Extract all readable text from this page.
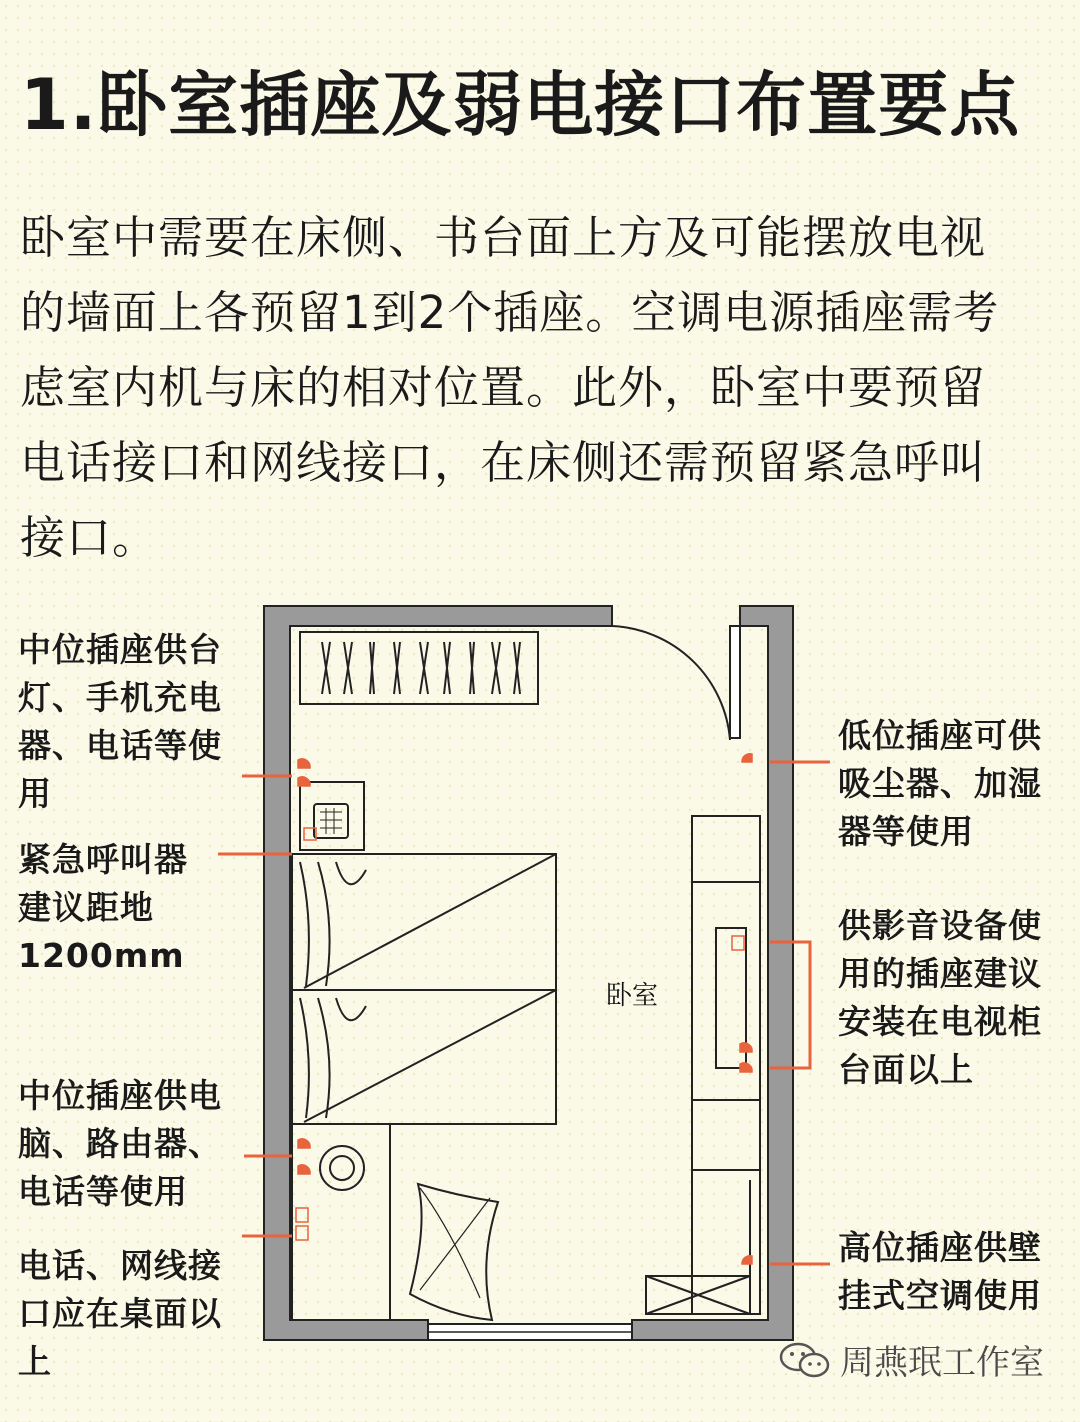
1.卧室插座及弱电接口布置要点
卧室中需要在床侧、书台面上方及可能摆放电视
的墙面上各预留1到2个插座。空调电源插座需考
虑室内机与床的相对位置。此外，卧室中要预留
电话接口和网线接口，在床侧还需预留紧急呼叫
接口。
中位插座供台
灯、手机充电
器、电话等使
用
紧急呼叫器
建议距地
1200mm
中位插座供电
脑、路由器、
电话等使用
电话、网线接
口应在桌面以
上
低位插座可供
吸尘器、加湿
器等使用
供影音设备使
用的插座建议
安装在电视柜
台面以上
高位插座供壁
挂式空调使用
卧室
周燕珉工作室
